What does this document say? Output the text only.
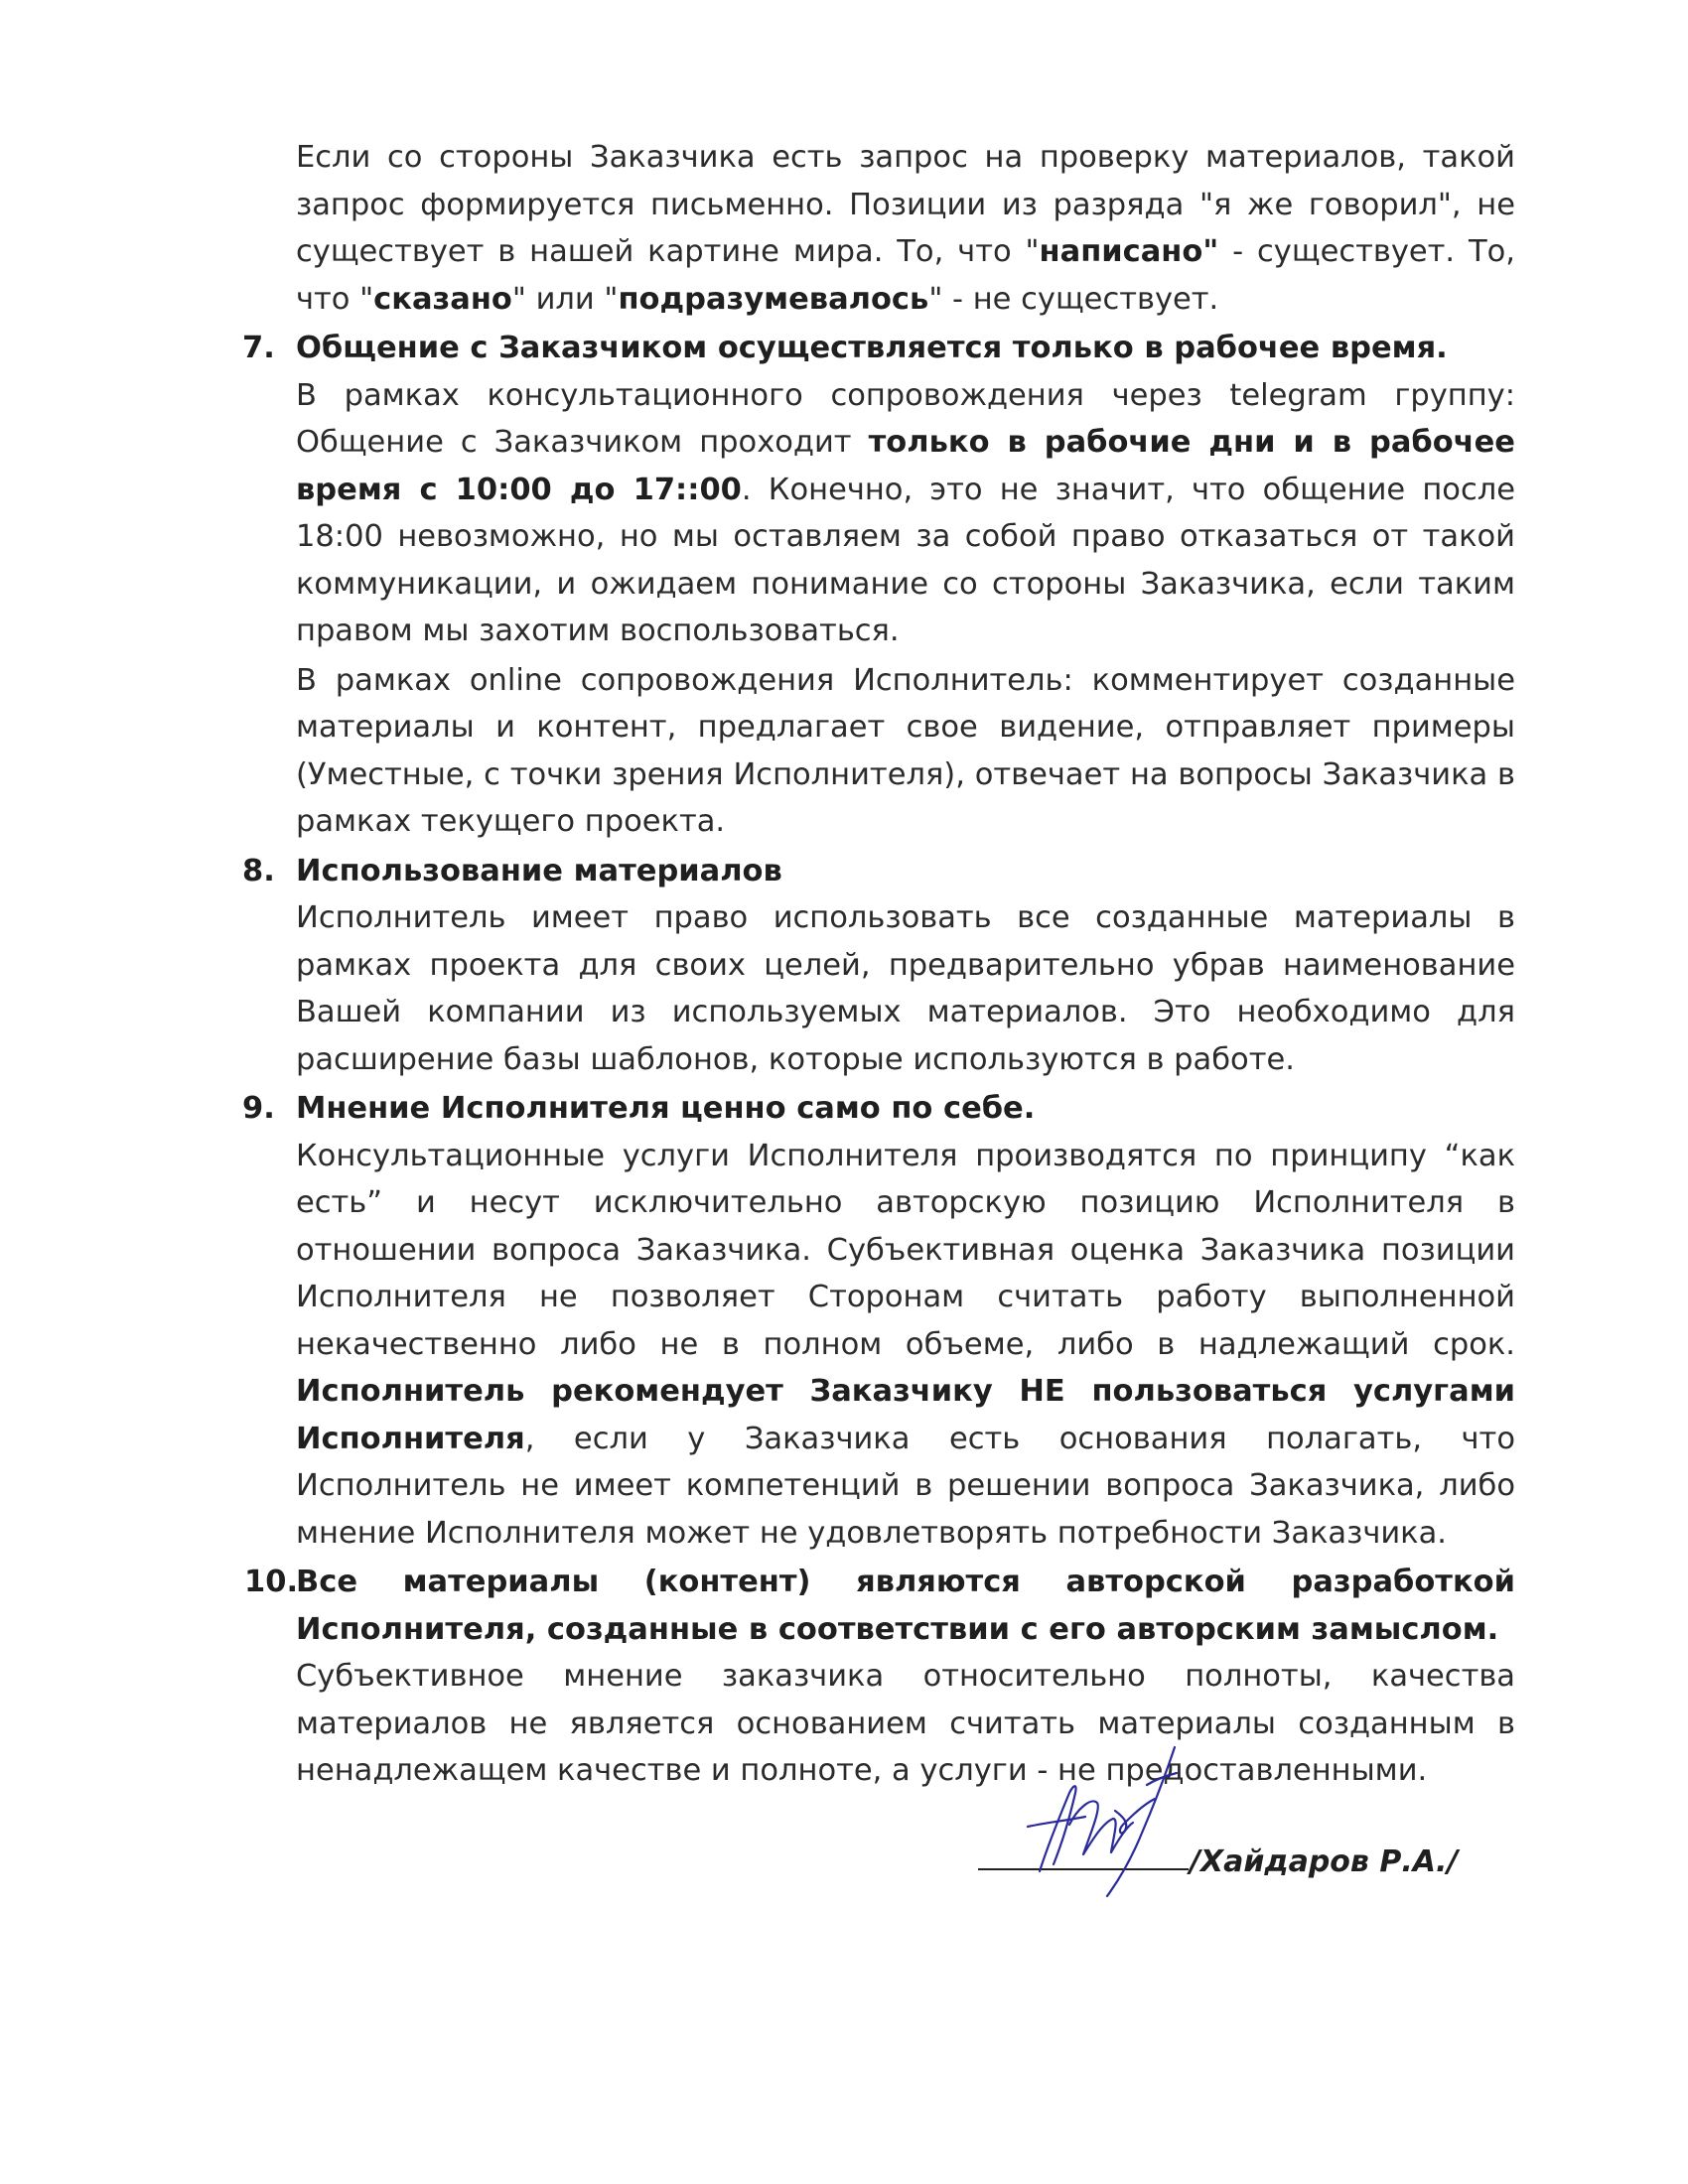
Если со стороны Заказчика есть запрос на проверку материалов, такой запрос формируется письменно. Позиции из разряда "я же говорил", не существует в нашей картине мира. То, что "написано" - существует. То, что "сказано" или "подразумевалось" - не существует.

7. Общение с Заказчиком осуществляется только в рабочее время.

В рамках консультационного сопровождения через telegram группу: Общение с Заказчиком проходит только в рабочие дни и в рабочее время с 10:00 до 17::00. Конечно, это не значит, что общение после 18:00 невозможно, но мы оставляем за собой право отказаться от такой коммуникации, и ожидаем понимание со стороны Заказчика, если таким правом мы захотим воспользоваться.

В рамках online сопровождения Исполнитель: комментирует созданные материалы и контент, предлагает свое видение, отправляет примеры (Уместные, с точки зрения Исполнителя), отвечает на вопросы Заказчика в рамках текущего проекта.

8. Использование материалов

Исполнитель имеет право использовать все созданные материалы в рамках проекта для своих целей, предварительно убрав наименование Вашей компании из используемых материалов. Это необходимо для расширение базы шаблонов, которые используются в работе.

9. Мнение Исполнителя ценно само по себе.

Консультационные услуги Исполнителя производятся по принципу “как есть” и несут исключительно авторскую позицию Исполнителя в отношении вопроса Заказчика. Субъективная оценка Заказчика позиции Исполнителя не позволяет Сторонам считать работу выполненной некачественно либо не в полном объеме, либо в надлежащий срок. Исполнитель рекомендует Заказчику НЕ пользоваться услугами Исполнителя, если у Заказчика есть основания полагать, что Исполнитель не имеет компетенций в решении вопроса Заказчика, либо мнение Исполнителя может не удовлетворять потребности Заказчика.

10.
Все материалы (контент) являются авторской разработкой Исполнителя, созданные в соответствии с его авторским замыслом.

Субъективное мнение заказчика относительно полноты, качества материалов не является основанием считать материалы созданным в ненадлежащем качестве и полноте, а услуги - не предоставленными.

/Хайдаров Р.А./
